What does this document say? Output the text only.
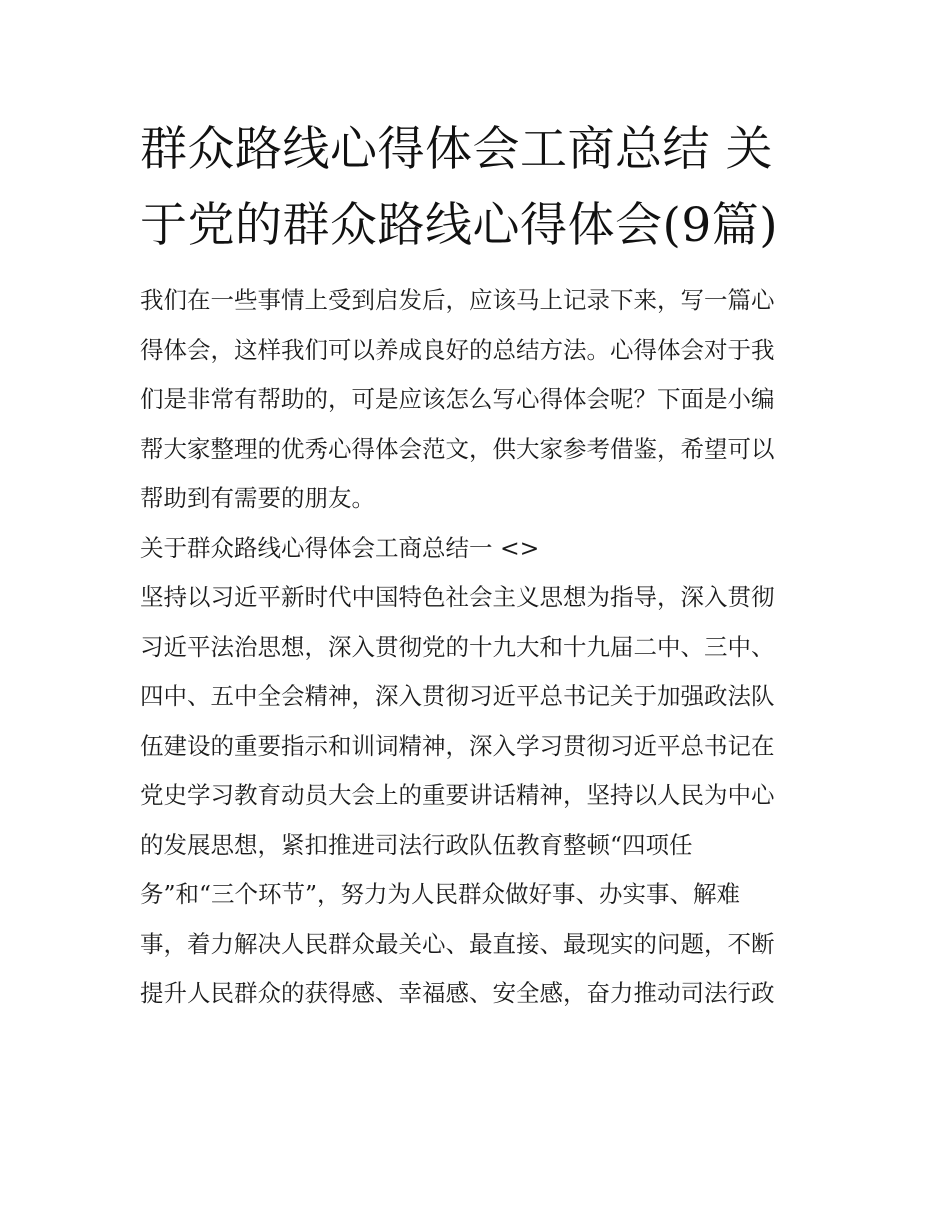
群众路线心得体会工商总结 关于党的群众路线心得体会(9篇)

我们在一些事情上受到启发后，应该马上记录下来，写一篇心

得体会，这样我们可以养成良好的总结方法。心得体会对于我

们是非常有帮助的，可是应该怎么写心得体会呢？下面是小编

帮大家整理的优秀心得体会范文，供大家参考借鉴，希望可以

帮助到有需要的朋友。

关于群众路线心得体会工商总结一 <>

坚持以习近平新时代中国特色社会主义思想为指导，深入贯彻

习近平法治思想，深入贯彻党的十九大和十九届二中、三中、

四中、五中全会精神，深入贯彻习近平总书记关于加强政法队

伍建设的重要指示和训词精神，深入学习贯彻习近平总书记在

党史学习教育动员大会上的重要讲话精神，坚持以人民为中心

的发展思想，紧扣推进司法行政队伍教育整顿“四项任

务”和“三个环节”，努力为人民群众做好事、办实事、解难

事，着力解决人民群众最关心、最直接、最现实的问题，不断

提升人民群众的获得感、幸福感、安全感，奋力推动司法行政
